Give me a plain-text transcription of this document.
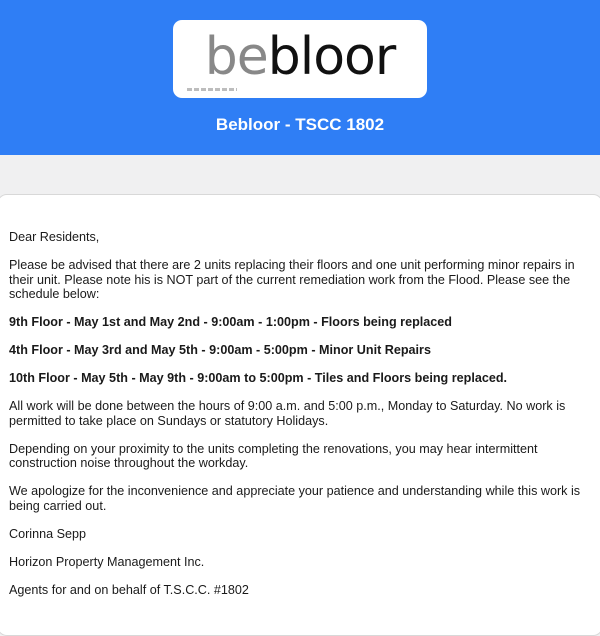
bebloor
Bebloor - TSCC 1802

Dear Residents,

Please be advised that there are 2 units replacing their floors and one unit performing minor repairs in their unit. Please note his is NOT part of the current remediation work from the Flood. Please see the schedule below:

9th Floor - May 1st and May 2nd - 9:00am - 1:00pm - Floors being replaced

4th Floor - May 3rd and May 5th - 9:00am - 5:00pm - Minor Unit Repairs

10th Floor - May 5th - May 9th - 9:00am to 5:00pm - Tiles and Floors being replaced.

All work will be done between the hours of 9:00 a.m. and 5:00 p.m., Monday to Saturday. No work is permitted to take place on Sundays or statutory Holidays.

Depending on your proximity to the units completing the renovations, you may hear intermittent construction noise throughout the workday.

We apologize for the inconvenience and appreciate your patience and understanding while this work is being carried out.

Corinna Sepp

Horizon Property Management Inc.

Agents for and on behalf of T.S.C.C. #1802
